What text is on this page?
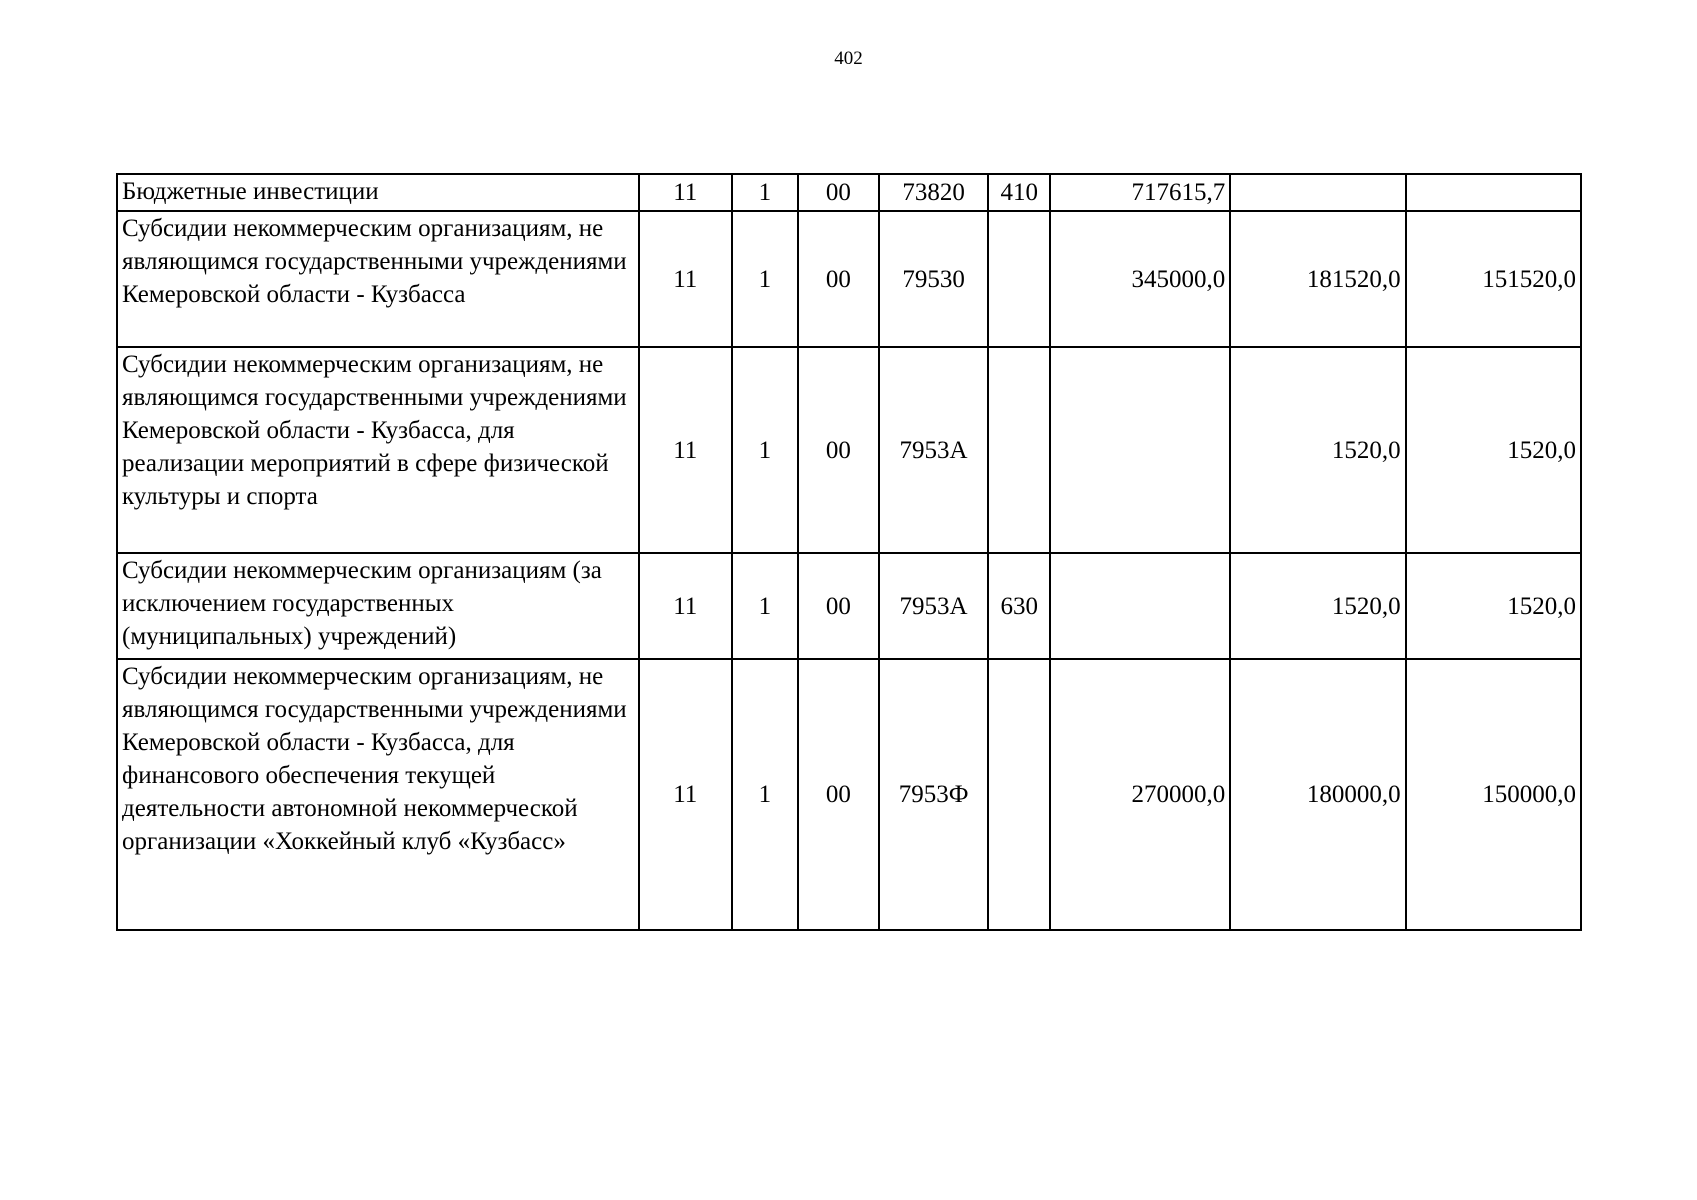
402
Бюджетные инвестиции	11	1	00	73820	410	717615,7		
Субсидии некоммерческим организациям, не являющимся государственными учреждениями Кемеровской области - Кузбасса	11	1	00	79530		345000,0	181520,0	151520,0
Субсидии некоммерческим организациям, не являющимся государственными учреждениями Кемеровской области - Кузбасса, для реализации мероприятий в сфере физической культуры и спорта	11	1	00	7953А			1520,0	1520,0
Субсидии некоммерческим организациям (за исключением государственных (муниципальных) учреждений)	11	1	00	7953А	630		1520,0	1520,0
Субсидии некоммерческим организациям, не являющимся государственными учреждениями Кемеровской области - Кузбасса, для финансового обеспечения текущей деятельности автономной некоммерческой организации «Хоккейный клуб «Кузбасс»	11	1	00	7953Ф		270000,0	180000,0	150000,0
